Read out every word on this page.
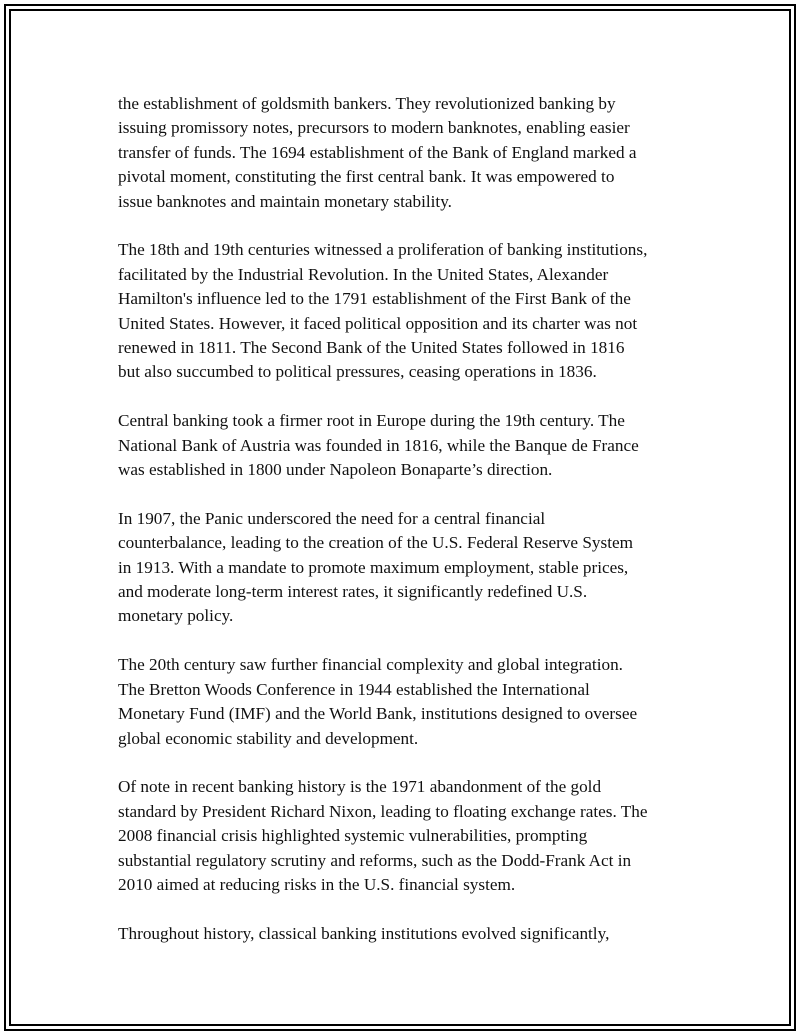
the establishment of goldsmith bankers. They revolutionized banking by
issuing promissory notes, precursors to modern banknotes, enabling easier
transfer of funds. The 1694 establishment of the Bank of England marked a
pivotal moment, constituting the first central bank. It was empowered to
issue banknotes and maintain monetary stability.

The 18th and 19th centuries witnessed a proliferation of banking institutions,
facilitated by the Industrial Revolution. In the United States, Alexander
Hamilton's influence led to the 1791 establishment of the First Bank of the
United States. However, it faced political opposition and its charter was not
renewed in 1811. The Second Bank of the United States followed in 1816
but also succumbed to political pressures, ceasing operations in 1836.

Central banking took a firmer root in Europe during the 19th century. The
National Bank of Austria was founded in 1816, while the Banque de France
was established in 1800 under Napoleon Bonaparte’s direction.

In 1907, the Panic underscored the need for a central financial
counterbalance, leading to the creation of the U.S. Federal Reserve System
in 1913. With a mandate to promote maximum employment, stable prices,
and moderate long-term interest rates, it significantly redefined U.S.
monetary policy.

The 20th century saw further financial complexity and global integration.
The Bretton Woods Conference in 1944 established the International
Monetary Fund (IMF) and the World Bank, institutions designed to oversee
global economic stability and development.

Of note in recent banking history is the 1971 abandonment of the gold
standard by President Richard Nixon, leading to floating exchange rates. The
2008 financial crisis highlighted systemic vulnerabilities, prompting
substantial regulatory scrutiny and reforms, such as the Dodd-Frank Act in
2010 aimed at reducing risks in the U.S. financial system.

Throughout history, classical banking institutions evolved significantly,
